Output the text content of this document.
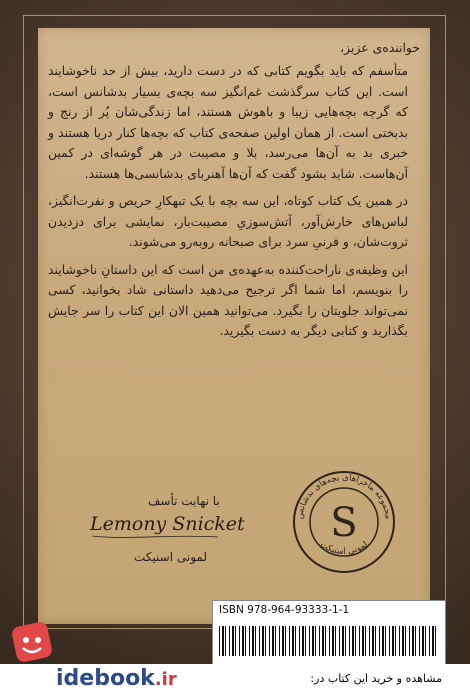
خواننده‌ی عزیز،

متأسفم که باید بگویم کتابی که در دست دارید، بیش از حد ناخوشایند است. این کتاب سرگذشت غم‌انگیز سه بچه‌ی بسیار بدشانس است، که گرچه بچه‌هایی زیبا و باهوش هستند، اما زندگی‌شان پُر از رنج و بدبختی است. از همان اولین صفحه‌ی کتاب که بچه‌ها کنار دریا هستند و خبری بد به آن‌ها می‌رسد، بلا و مصیبت در هر گوشه‌ای در کمین آن‌هاست. شاید بشود گفت که آن‌ها آهنربای بدشانسی‌ها هستند.

در همین یک کتاب کوتاه، این سه بچه با یک تبهکارِ حریص و نفرت‌انگیز، لباس‌های خارش‌آور، آتش‌سوزیِ مصیبت‌بار، نمایشی برای دزدیدن ثروت‌شان، و فرنیِ سرد برای صبحانه روبه‌رو می‌شوند.

این وظیفه‌ی ناراحت‌کننده به‌عهده‌ی من است که این داستانِ ناخوشایند را بنویسم، اما شما اگر ترجیح می‌دهید داستانی شاد بخوانید، کسی نمی‌تواند جلویتان را بگیرد. می‌توانید همین الان این کتاب را سر جایش بگذارید و کتابی دیگر به دست بگیرید.

با نهایت تأسف
Lemony Snicket
لمونی اسنیکت
مجموعه ماجراهای بچه‌های بدشانس
لمونی اسنیکت
S
ISBN 978-964-93333-1-1
idebook.ir	مشاهده و خرید این کتاب در:
